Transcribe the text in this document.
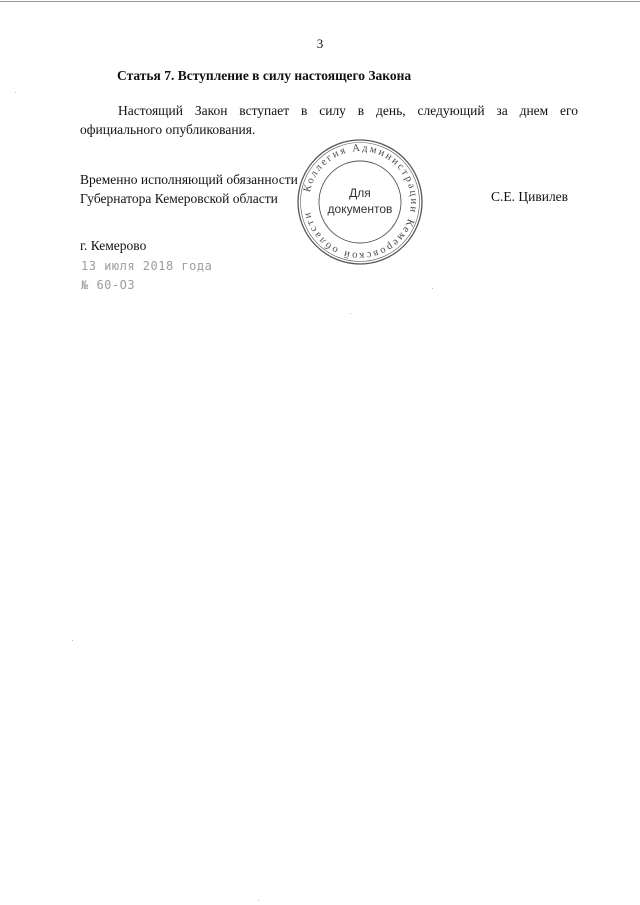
3
Статья 7. Вступление в силу настоящего Закона

Настоящий Закон вступает в силу в день, следующий за днем его официального опубликования.

Временно исполняющий обязанности
Губернатора Кемеровской области	С.Е. Цивилев
Коллегия Администрации Кемеровской области
Для
документов
г. Кемерово
13 июля 2018 года
№ 60-ОЗ
